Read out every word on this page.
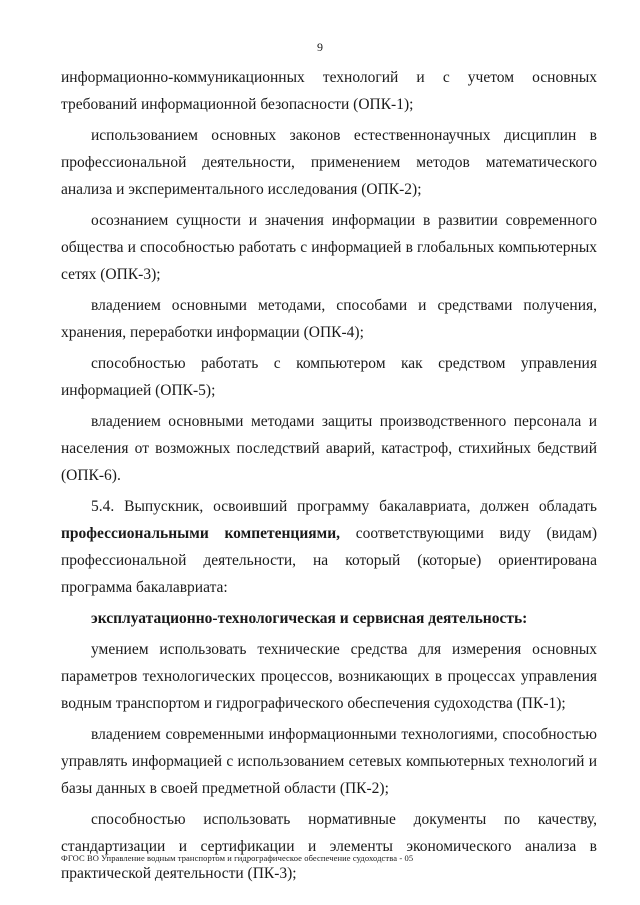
9

информационно-коммуникационных технологий и с учетом основных требований информационной безопасности (ОПК-1);

использованием основных законов естественнонаучных дисциплин в профессиональной деятельности, применением методов математического анализа и экспериментального исследования (ОПК-2);

осознанием сущности и значения информации в развитии современного общества и способностью работать с информацией в глобальных компьютерных сетях (ОПК-3);

владением основными методами, способами и средствами получения, хранения, переработки информации (ОПК-4);

способностью работать с компьютером как средством управления информацией (ОПК-5);

владением основными методами защиты производственного персонала и населения от возможных последствий аварий, катастроф, стихийных бедствий (ОПК-6).

5.4. Выпускник, освоивший программу бакалавриата, должен обладать профессиональными компетенциями, соответствующими виду (видам) профессиональной деятельности, на который (которые) ориентирована программа бакалавриата:

эксплуатационно-технологическая и сервисная деятельность:

умением использовать технические средства для измерения основных параметров технологических процессов, возникающих в процессах управления водным транспортом и гидрографического обеспечения судоходства (ПК-1);

владением современными информационными технологиями, способностью управлять информацией с использованием сетевых компьютерных технологий и базы данных в своей предметной области (ПК-2);

способностью использовать нормативные документы по качеству, стандартизации и сертификации и элементы экономического анализа в практической деятельности (ПК-3);

ФГОС ВО Управление водным транспортом и гидрографическое обеспечение судоходства - 05
